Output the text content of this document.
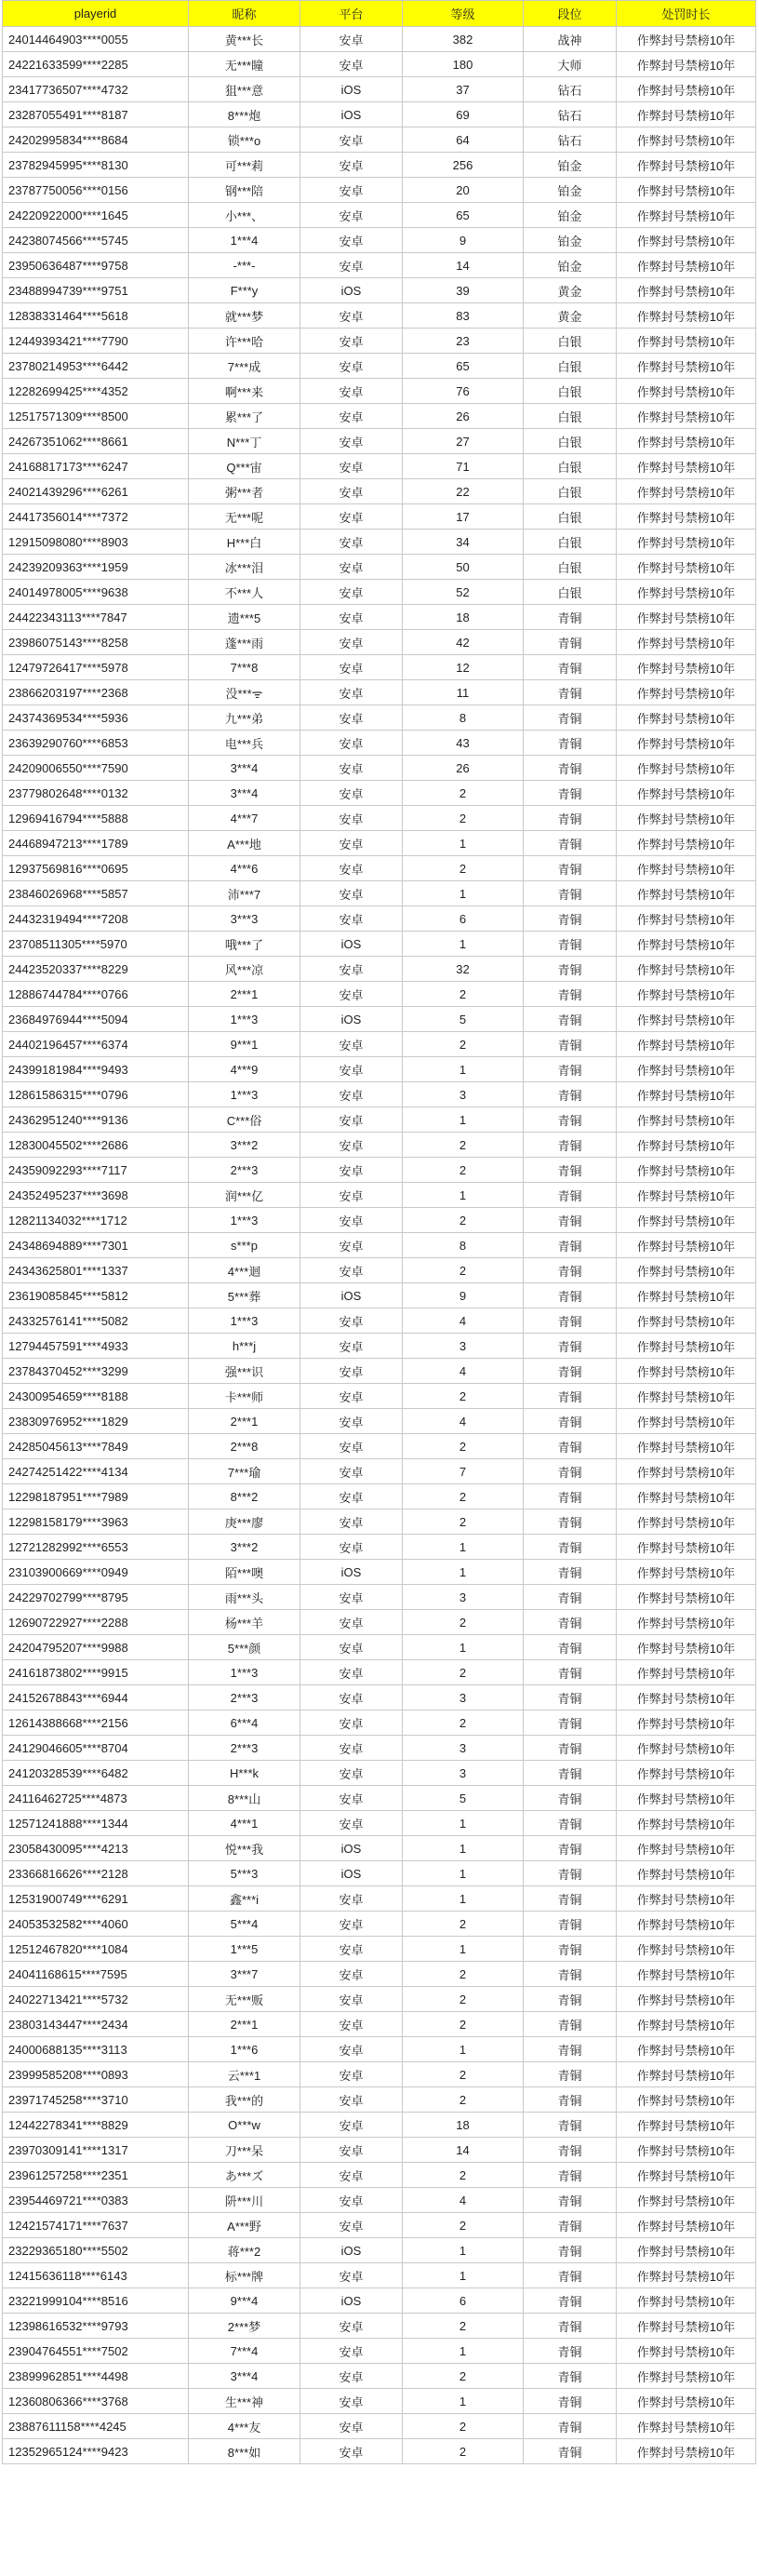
playerid	昵称	平台	等级	段位	处罚时长
24014464903****0055	黄***长	安卓	382	战神	作弊封号禁榜10年
24221633599****2285	无***瞳	安卓	180	大师	作弊封号禁榜10年
23417736507****4732	狙***意	iOS	37	钻石	作弊封号禁榜10年
23287055491****8187	8***炮	iOS	69	钻石	作弊封号禁榜10年
24202995834****8684	锁***o	安卓	64	钻石	作弊封号禁榜10年
23782945995****8130	可***莉	安卓	256	铂金	作弊封号禁榜10年
23787750056****0156	钢***陪	安卓	20	铂金	作弊封号禁榜10年
24220922000****1645	小***、	安卓	65	铂金	作弊封号禁榜10年
24238074566****5745	1***4	安卓	9	铂金	作弊封号禁榜10年
23950636487****9758	-***-	安卓	14	铂金	作弊封号禁榜10年
23488994739****9751	F***y	iOS	39	黄金	作弊封号禁榜10年
12838331464****5618	就***梦	安卓	83	黄金	作弊封号禁榜10年
12449393421****7790	许***哈	安卓	23	白银	作弊封号禁榜10年
23780214953****6442	7***成	安卓	65	白银	作弊封号禁榜10年
12282699425****4352	啊***来	安卓	76	白银	作弊封号禁榜10年
12517571309****8500	累***了	安卓	26	白银	作弊封号禁榜10年
24267351062****8661	N***丁	安卓	27	白银	作弊封号禁榜10年
24168817173****6247	Q***宙	安卓	71	白银	作弊封号禁榜10年
24021439296****6261	粥***者	安卓	22	白银	作弊封号禁榜10年
24417356014****7372	无***呢	安卓	17	白银	作弊封号禁榜10年
12915098080****8903	H***白	安卓	34	白银	作弊封号禁榜10年
24239209363****1959	冰***泪	安卓	50	白银	作弊封号禁榜10年
24014978005****9638	不***人	安卓	52	白银	作弊封号禁榜10年
24422343113****7847	遗***5	安卓	18	青铜	作弊封号禁榜10年
23986075143****8258	蓬***雨	安卓	42	青铜	作弊封号禁榜10年
12479726417****5978	7***8	安卓	12	青铜	作弊封号禁榜10年
23866203197****2368	没***ᯤ	安卓	11	青铜	作弊封号禁榜10年
24374369534****5936	九***弟	安卓	8	青铜	作弊封号禁榜10年
23639290760****6853	电***兵	安卓	43	青铜	作弊封号禁榜10年
24209006550****7590	3***4	安卓	26	青铜	作弊封号禁榜10年
23779802648****0132	3***4	安卓	2	青铜	作弊封号禁榜10年
12969416794****5888	4***7	安卓	2	青铜	作弊封号禁榜10年
24468947213****1789	A***地	安卓	1	青铜	作弊封号禁榜10年
12937569816****0695	4***6	安卓	2	青铜	作弊封号禁榜10年
23846026968****5857	沛***7	安卓	1	青铜	作弊封号禁榜10年
24432319494****7208	3***3	安卓	6	青铜	作弊封号禁榜10年
23708511305****5970	哦***了	iOS	1	青铜	作弊封号禁榜10年
24423520337****8229	风***凉	安卓	32	青铜	作弊封号禁榜10年
12886744784****0766	2***1	安卓	2	青铜	作弊封号禁榜10年
23684976944****5094	1***3	iOS	5	青铜	作弊封号禁榜10年
24402196457****6374	9***1	安卓	2	青铜	作弊封号禁榜10年
24399181984****9493	4***9	安卓	1	青铜	作弊封号禁榜10年
12861586315****0796	1***3	安卓	3	青铜	作弊封号禁榜10年
24362951240****9136	C***俗	安卓	1	青铜	作弊封号禁榜10年
12830045502****2686	3***2	安卓	2	青铜	作弊封号禁榜10年
24359092293****7117	2***3	安卓	2	青铜	作弊封号禁榜10年
24352495237****3698	润***亿	安卓	1	青铜	作弊封号禁榜10年
12821134032****1712	1***3	安卓	2	青铜	作弊封号禁榜10年
24348694889****7301	s***p	安卓	8	青铜	作弊封号禁榜10年
24343625801****1337	4***迴	安卓	2	青铜	作弊封号禁榜10年
23619085845****5812	5***葬	iOS	9	青铜	作弊封号禁榜10年
24332576141****5082	1***3	安卓	4	青铜	作弊封号禁榜10年
12794457591****4933	h***j	安卓	3	青铜	作弊封号禁榜10年
23784370452****3299	强***识	安卓	4	青铜	作弊封号禁榜10年
24300954659****8188	卡***师	安卓	2	青铜	作弊封号禁榜10年
23830976952****1829	2***1	安卓	4	青铜	作弊封号禁榜10年
24285045613****7849	2***8	安卓	2	青铜	作弊封号禁榜10年
24274251422****4134	7***瑜	安卓	7	青铜	作弊封号禁榜10年
12298187951****7989	8***2	安卓	2	青铜	作弊封号禁榜10年
12298158179****3963	庚***廖	安卓	2	青铜	作弊封号禁榜10年
12721282992****6553	3***2	安卓	1	青铜	作弊封号禁榜10年
23103900669****0949	陌***噢	iOS	1	青铜	作弊封号禁榜10年
24229702799****8795	雨***头	安卓	3	青铜	作弊封号禁榜10年
12690722927****2288	杨***羊	安卓	2	青铜	作弊封号禁榜10年
24204795207****9988	5***颜	安卓	1	青铜	作弊封号禁榜10年
24161873802****9915	1***3	安卓	2	青铜	作弊封号禁榜10年
24152678843****6944	2***3	安卓	3	青铜	作弊封号禁榜10年
12614388668****2156	6***4	安卓	2	青铜	作弊封号禁榜10年
24129046605****8704	2***3	安卓	3	青铜	作弊封号禁榜10年
24120328539****6482	H***k	安卓	3	青铜	作弊封号禁榜10年
24116462725****4873	8***山	安卓	5	青铜	作弊封号禁榜10年
12571241888****1344	4***1	安卓	1	青铜	作弊封号禁榜10年
23058430095****4213	悦***我	iOS	1	青铜	作弊封号禁榜10年
23366816626****2128	5***3	iOS	1	青铜	作弊封号禁榜10年
12531900749****6291	鑫***i	安卓	1	青铜	作弊封号禁榜10年
24053532582****4060	5***4	安卓	2	青铜	作弊封号禁榜10年
12512467820****1084	1***5	安卓	1	青铜	作弊封号禁榜10年
24041168615****7595	3***7	安卓	2	青铜	作弊封号禁榜10年
24022713421****5732	无***贩	安卓	2	青铜	作弊封号禁榜10年
23803143447****2434	2***1	安卓	2	青铜	作弊封号禁榜10年
24000688135****3113	1***6	安卓	1	青铜	作弊封号禁榜10年
23999585208****0893	云***1	安卓	2	青铜	作弊封号禁榜10年
23971745258****3710	我***的	安卓	2	青铜	作弊封号禁榜10年
12442278341****8829	O***w	安卓	18	青铜	作弊封号禁榜10年
23970309141****1317	刀***呆	安卓	14	青铜	作弊封号禁榜10年
23961257258****2351	あ***ズ	安卓	2	青铜	作弊封号禁榜10年
23954469721****0383	阩***川	安卓	4	青铜	作弊封号禁榜10年
12421574171****7637	A***野	安卓	2	青铜	作弊封号禁榜10年
23229365180****5502	蒋***2	iOS	1	青铜	作弊封号禁榜10年
12415636118****6143	标***牌	安卓	1	青铜	作弊封号禁榜10年
23221999104****8516	9***4	iOS	6	青铜	作弊封号禁榜10年
12398616532****9793	2***梦	安卓	2	青铜	作弊封号禁榜10年
23904764551****7502	7***4	安卓	1	青铜	作弊封号禁榜10年
23899962851****4498	3***4	安卓	2	青铜	作弊封号禁榜10年
12360806366****3768	生***神	安卓	1	青铜	作弊封号禁榜10年
23887611158****4245	4***友	安卓	2	青铜	作弊封号禁榜10年
12352965124****9423	8***如	安卓	2	青铜	作弊封号禁榜10年
